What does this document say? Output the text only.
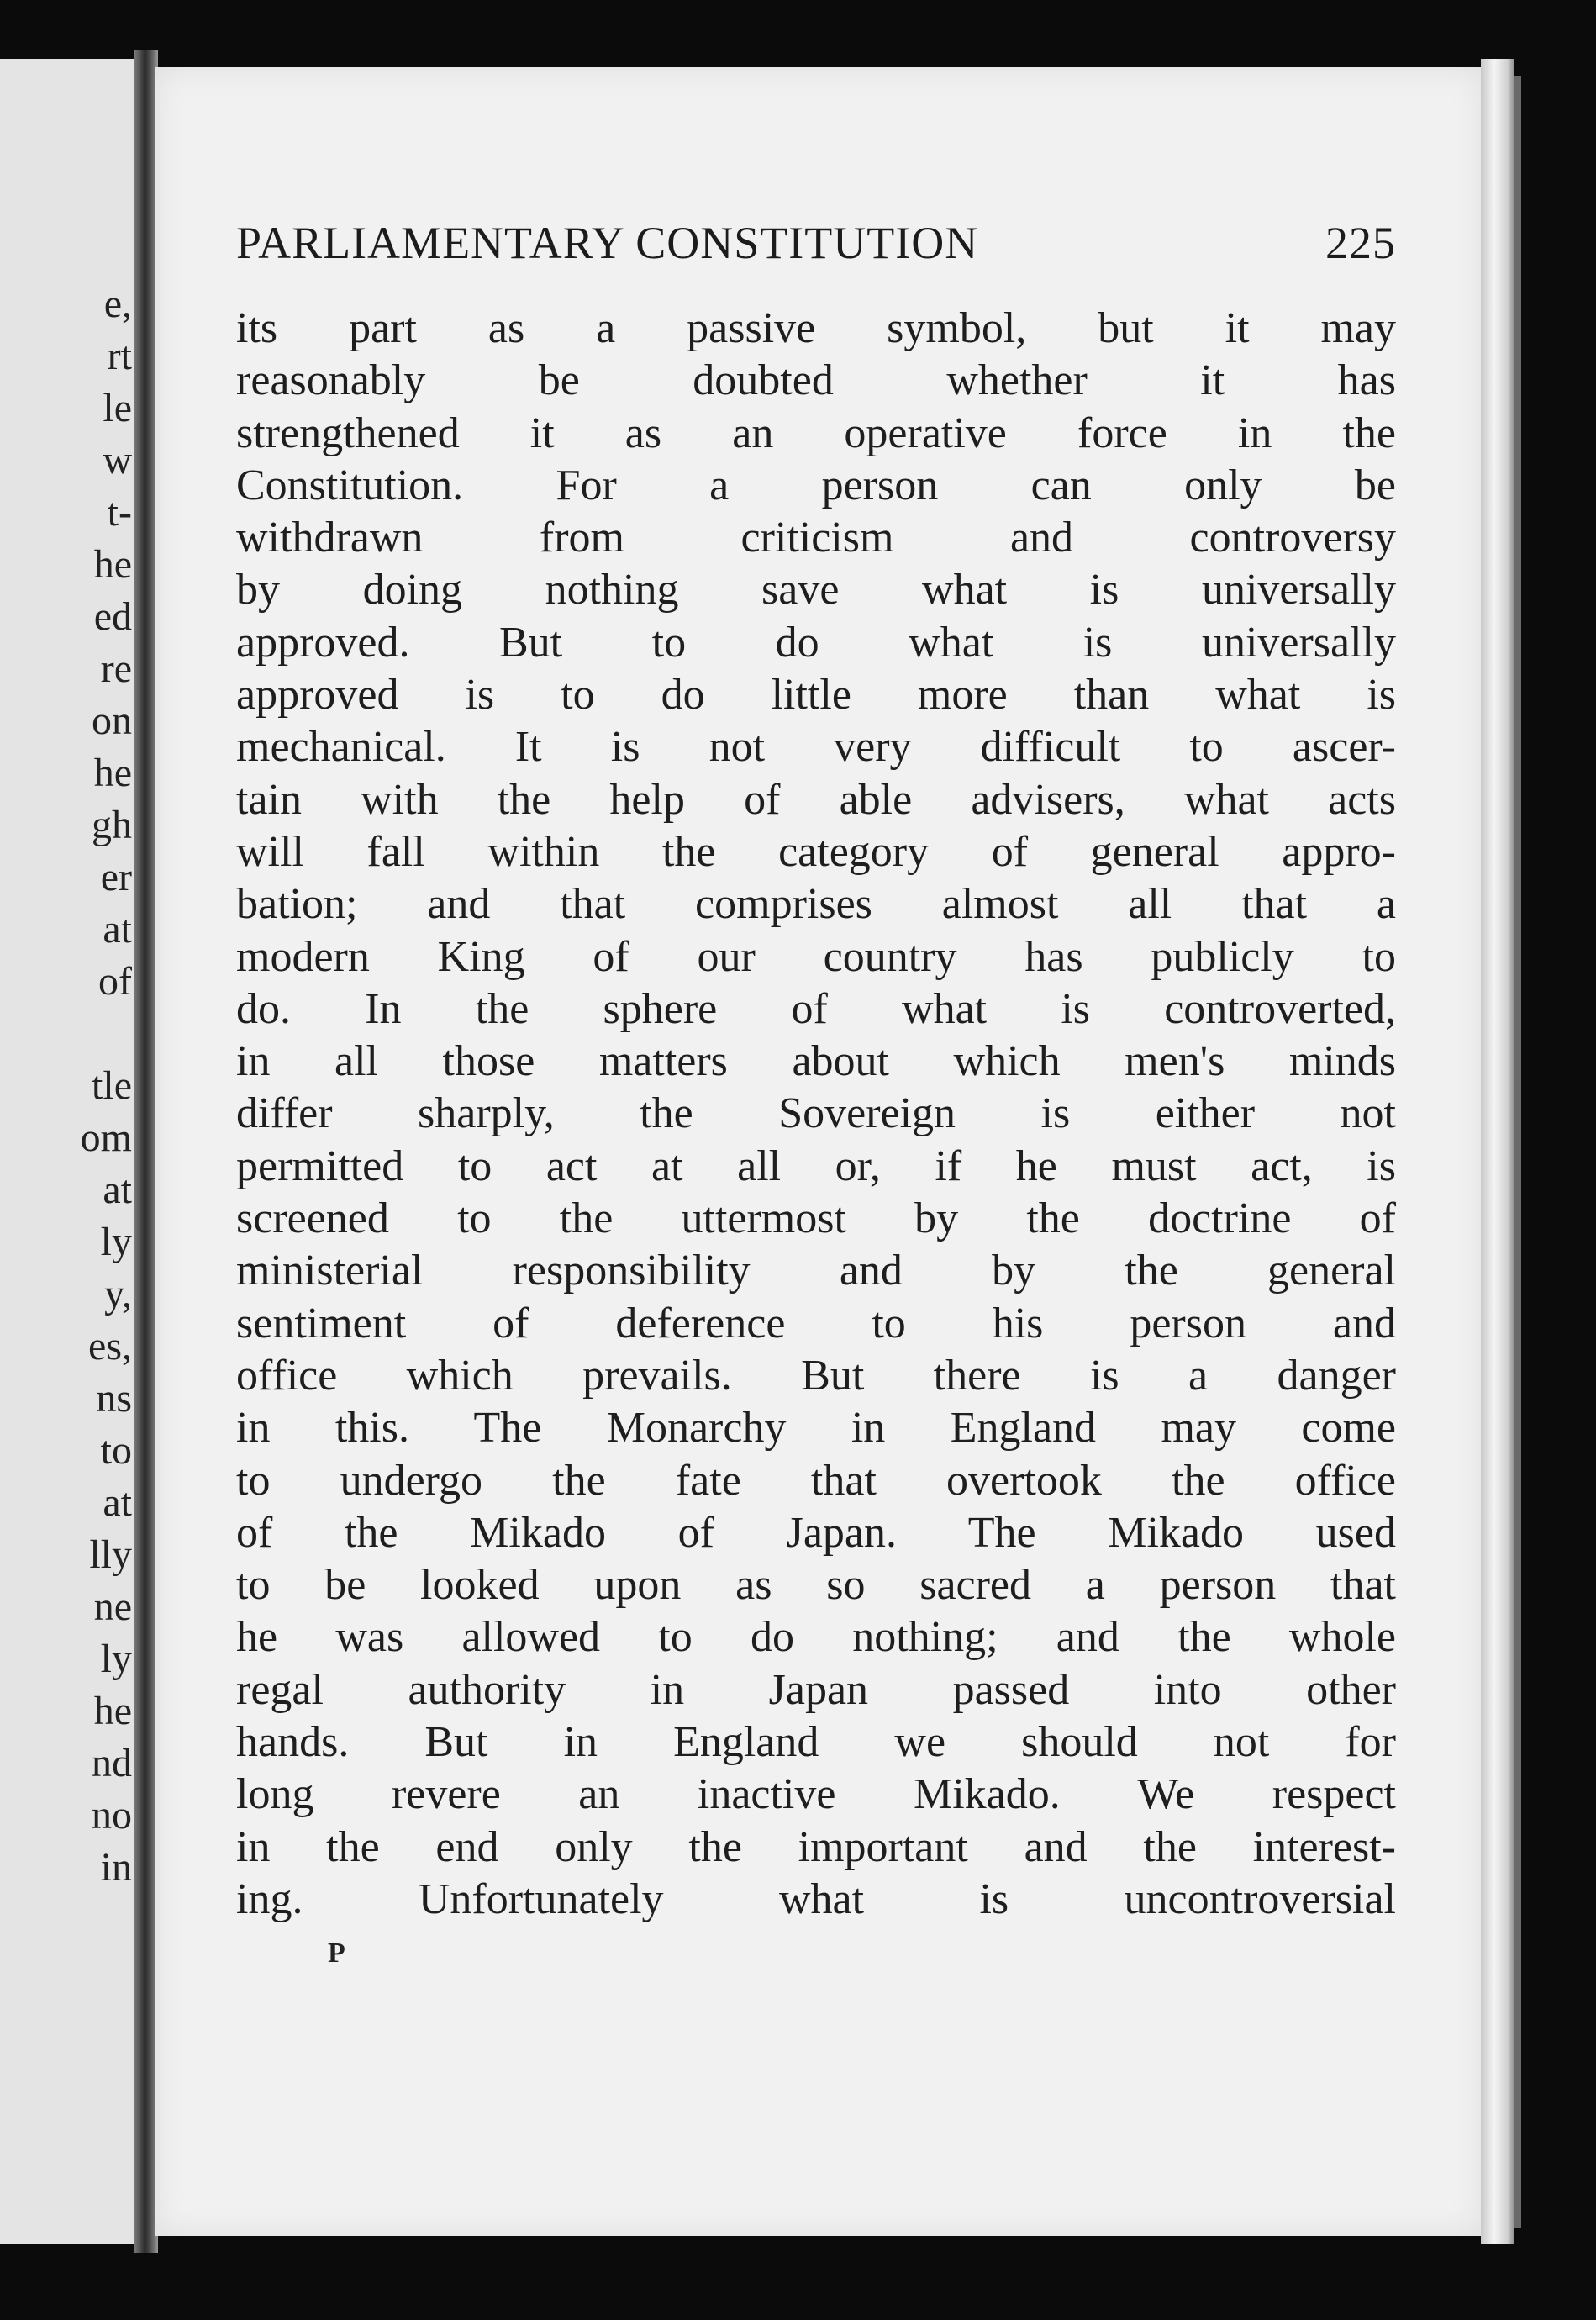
e,
rt
le
w
t-
he
ed
re
on
he
gh
er
at
of
tle
om
at
ly
y,
es,
ns
to
at
lly
ne
ly
he
nd
no
in
PARLIAMENTARY CONSTITUTION	225
its part as a passive symbol, but it may
reasonably be doubted whether it has
strengthened it as an operative force in the
Constitution. For a person can only be
withdrawn from criticism and controversy
by doing nothing save what is universally
approved. But to do what is universally
approved is to do little more than what is
mechanical. It is not very difficult to ascer-
tain with the help of able advisers, what acts
will fall within the category of general appro-
bation; and that comprises almost all that a
modern King of our country has publicly to
do. In the sphere of what is controverted,
in all those matters about which men's minds
differ sharply, the Sovereign is either not
permitted to act at all or, if he must act, is
screened to the uttermost by the doctrine of
ministerial responsibility and by the general
sentiment of deference to his person and
office which prevails. But there is a danger
in this. The Monarchy in England may come
to undergo the fate that overtook the office
of the Mikado of Japan. The Mikado used
to be looked upon as so sacred a person that
he was allowed to do nothing; and the whole
regal authority in Japan passed into other
hands. But in England we should not for
long revere an inactive Mikado. We respect
in the end only the important and the interest-
ing. Unfortunately what is uncontroversial
P
